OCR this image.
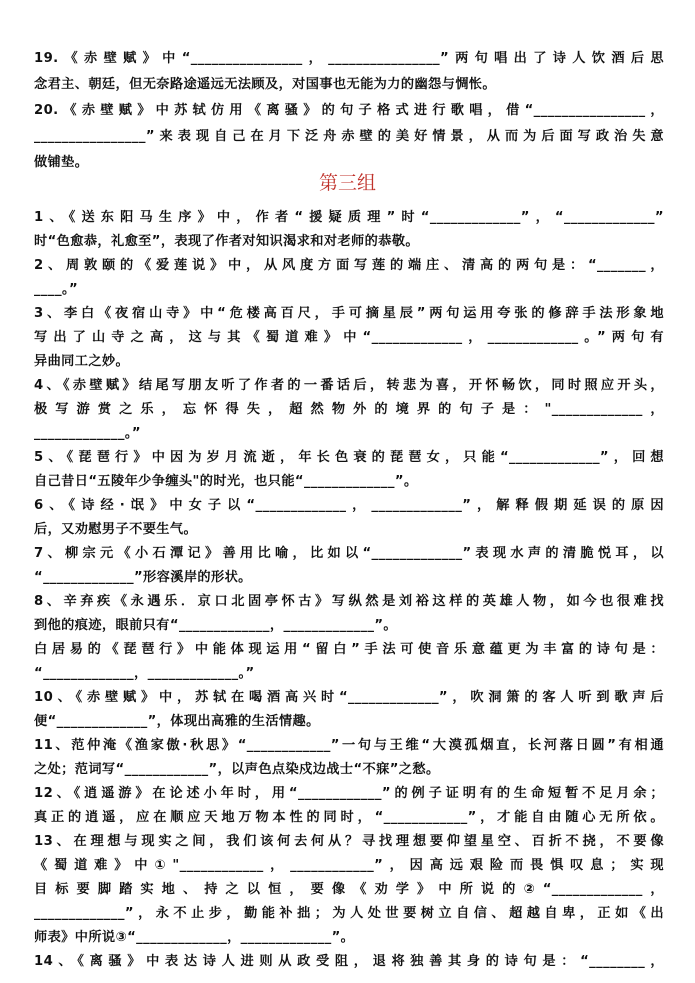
19.《赤壁赋》中“________________，________________”两句唱出了诗人饮酒后思
念君主、朝廷，但无奈路途遥远无法顾及，对国事也无能为力的幽怨与惆怅。
20.《赤壁赋》中苏轼仿用《离骚》的句子格式进行歌唱，借“________________，
________________”来表现自己在月下泛舟赤壁的美好情景，从而为后面写政治失意
做铺垫。
第三组
1、《送东阳马生序》中，作者“援疑质理”时“_____________”，“_____________”
时“色愈恭，礼愈至”，表现了作者对知识渴求和对老师的恭敬。
2、周敦颐的《爱莲说》中，从风度方面写莲的端庄、清高的两句是：“_______，
____。”
3、李白《夜宿山寺》中“危楼高百尺，手可摘星辰”两句运用夸张的修辞手法形象地
写出了山寺之高，这与其《蜀道难》中“_____________，_____________。”两句有
异曲同工之妙。
4、《赤壁赋》结尾写朋友听了作者的一番话后，转悲为喜，开怀畅饮，同时照应开头，
极写游赏之乐，忘怀得失，超然物外的境界的句子是："_____________，
_____________。”
5、《琵琶行》中因为岁月流逝，年长色衰的琵琶女，只能“_____________”，回想
自己昔日“五陵年少争缠头"的时光，也只能“_____________”。
6、《诗经·氓》中女子以“_____________，_____________”，解释假期延误的原因
后，又劝慰男子不要生气。
7、柳宗元《小石潭记》善用比喻，比如以“_____________”表现水声的清脆悦耳，以
“_____________”形容溪岸的形状。
8、辛弃疾《永遇乐．京口北固亭怀古》写纵然是刘裕这样的英雄人物，如今也很难找
到他的痕迹，眼前只有“_____________，_____________”。
白居易的《琵琶行》中能体现运用“留白”手法可使音乐意蕴更为丰富的诗句是：
“_____________，_____________。”
10、《赤壁赋》中，苏轼在喝酒高兴时“_____________”，吹洞箫的客人听到歌声后
便“_____________”，体现出高雅的生活情趣。
11、范仲淹《渔家傲·秋思》“____________”一句与王维“大漠孤烟直，长河落日圆”有相通
之处；范词写“____________”，以声色点染戍边战士“不寐”之愁。
12、《逍遥游》在论述小年时，用“____________”的例子证明有的生命短暂不足月余；
真正的逍遥，应在顺应天地万物本性的同时，“____________”，才能自由随心无所依。
13、在理想与现实之间，我们该何去何从？寻找理想要仰望星空、百折不挠，不要像
《蜀道难》中①"____________，____________”，因高远艰险而畏惧叹息；实现
目标要脚踏实地、持之以恒，要像《劝学》中所说的②“_____________，
_____________”，永不止步，勤能补拙；为人处世要树立自信、超越自卑，正如《出
师表》中所说③“_____________，_____________”。
14、《离骚》中表达诗人进则从政受阻，退将独善其身的诗句是：“________，
